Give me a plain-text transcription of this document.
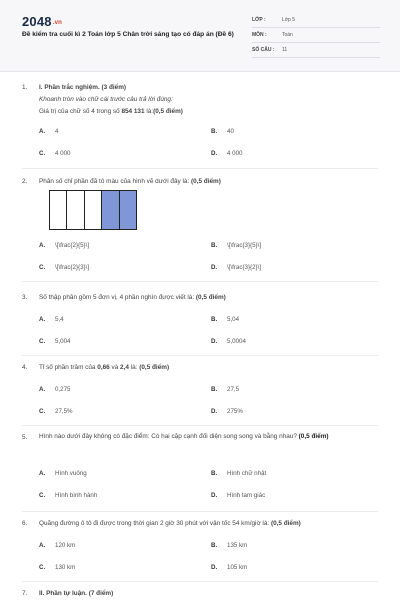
2048.vn
Đề kiểm tra cuối kì 2 Toán lớp 5 Chân trời sáng tạo có đáp án (Đề 6)
LỚP :	Lớp 5
MÔN :	Toán
SỐ CÂU : 11
1. I. Phần trắc nghiệm. (3 điểm)
Khoanh tròn vào chữ cái trước câu trả lời đúng:
Giá trị của chữ số 4 trong số 854 131 là:(0,5 điểm)
A. 4	B. 40
C. 4 000	D. 4 000
2. Phân số chỉ phần đã tô màu của hình vẽ dưới đây là: (0,5 điểm)
A. \[\frac{2}{5}\]	B. \[\frac{3}{5}\]
C. \[\frac{2}{3}\]	D. \[\frac{3}{2}\]
3. Số thập phân gồm 5 đơn vị, 4 phần nghìn được viết là: (0,5 điểm)
A. 5,4	B. 5,04
C. 5,004	D. 5,0004
4. Tỉ số phần trăm của 0,66 và 2,4 là: (0,5 điểm)
A. 0,275	B. 27,5
C. 27,5%	D. 275%
5.	Hình nào dưới đây không có đặc điểm: Có hai cặp cạnh đối diện song song và bằng nhau? (0,5 điểm)
A. Hình vuông	B. Hình chữ nhật
C. Hình bình hành	D. Hình tam giác
6. Quãng đường ô tô đi được trong thời gian 2 giờ 30 phút với vận tốc 54 km/giờ là: (0,5 điểm)
A. 120 km	B. 135 km
C. 130 km	D. 105 km
7. II. Phần tự luận. (7 điểm)
